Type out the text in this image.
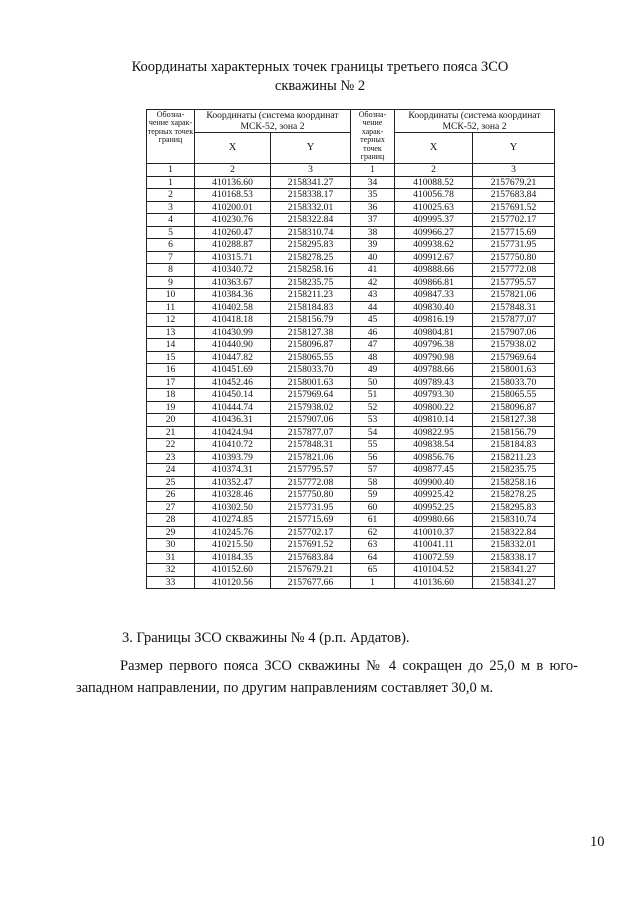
Координаты характерных точек границы третьего пояса ЗСО
скважины № 2
Обозна-чение харак-терных точек границ	Координаты (система координат МСК-52, зона 2		Обозна-чение харак-терных точек границ	Координаты (система координат МСК-52, зона 2	
	X	Y		X	Y
1	2	3	1	2	3
1	410136.60	2158341.27	34	410088.52	2157679.21
2	410168.53	2158338.17	35	410056.78	2157683.84
3	410200.01	2158332.01	36	410025.63	2157691.52
4	410230.76	2158322.84	37	409995.37	2157702.17
5	410260.47	2158310.74	38	409966.27	2157715.69
6	410288.87	2158295.83	39	409938.62	2157731.95
7	410315.71	2158278.25	40	409912.67	2157750.80
8	410340.72	2158258.16	41	409888.66	2157772.08
9	410363.67	2158235.75	42	409866.81	2157795.57
10	410384.36	2158211.23	43	409847.33	2157821.06
11	410402.58	2158184.83	44	409830.40	2157848.31
12	410418.18	2158156.79	45	409816.19	2157877.07
13	410430.99	2158127.38	46	409804.81	2157907.06
14	410440.90	2158096.87	47	409796.38	2157938.02
15	410447.82	2158065.55	48	409790.98	2157969.64
16	410451.69	2158033.70	49	409788.66	2158001.63
17	410452.46	2158001.63	50	409789.43	2158033.70
18	410450.14	2157969.64	51	409793.30	2158065.55
19	410444.74	2157938.02	52	409800.22	2158096.87
20	410436.31	2157907.06	53	409810.14	2158127.38
21	410424.94	2157877.07	54	409822.95	2158156.79
22	410410.72	2157848.31	55	409838.54	2158184.83
23	410393.79	2157821.06	56	409856.76	2158211.23
24	410374.31	2157795.57	57	409877.45	2158235.75
25	410352.47	2157772.08	58	409900.40	2158258.16
26	410328.46	2157750.80	59	409925.42	2158278.25
27	410302.50	2157731.95	60	409952.25	2158295.83
28	410274.85	2157715.69	61	409980.66	2158310.74
29	410245.76	2157702.17	62	410010.37	2158322.84
30	410215.50	2157691.52	63	410041.11	2158332.01
31	410184.35	2157683.84	64	410072.59	2158338.17
32	410152.60	2157679.21	65	410104.52	2158341.27
33	410120.56	2157677.66	1	410136.60	2158341.27
3. Границы ЗСО скважины № 4 (р.п. Ардатов).
Размер первого пояса ЗСО скважины № 4 сокращен до 25,0 м в юго-западном направлении, по другим направлениям составляет 30,0 м.
10
